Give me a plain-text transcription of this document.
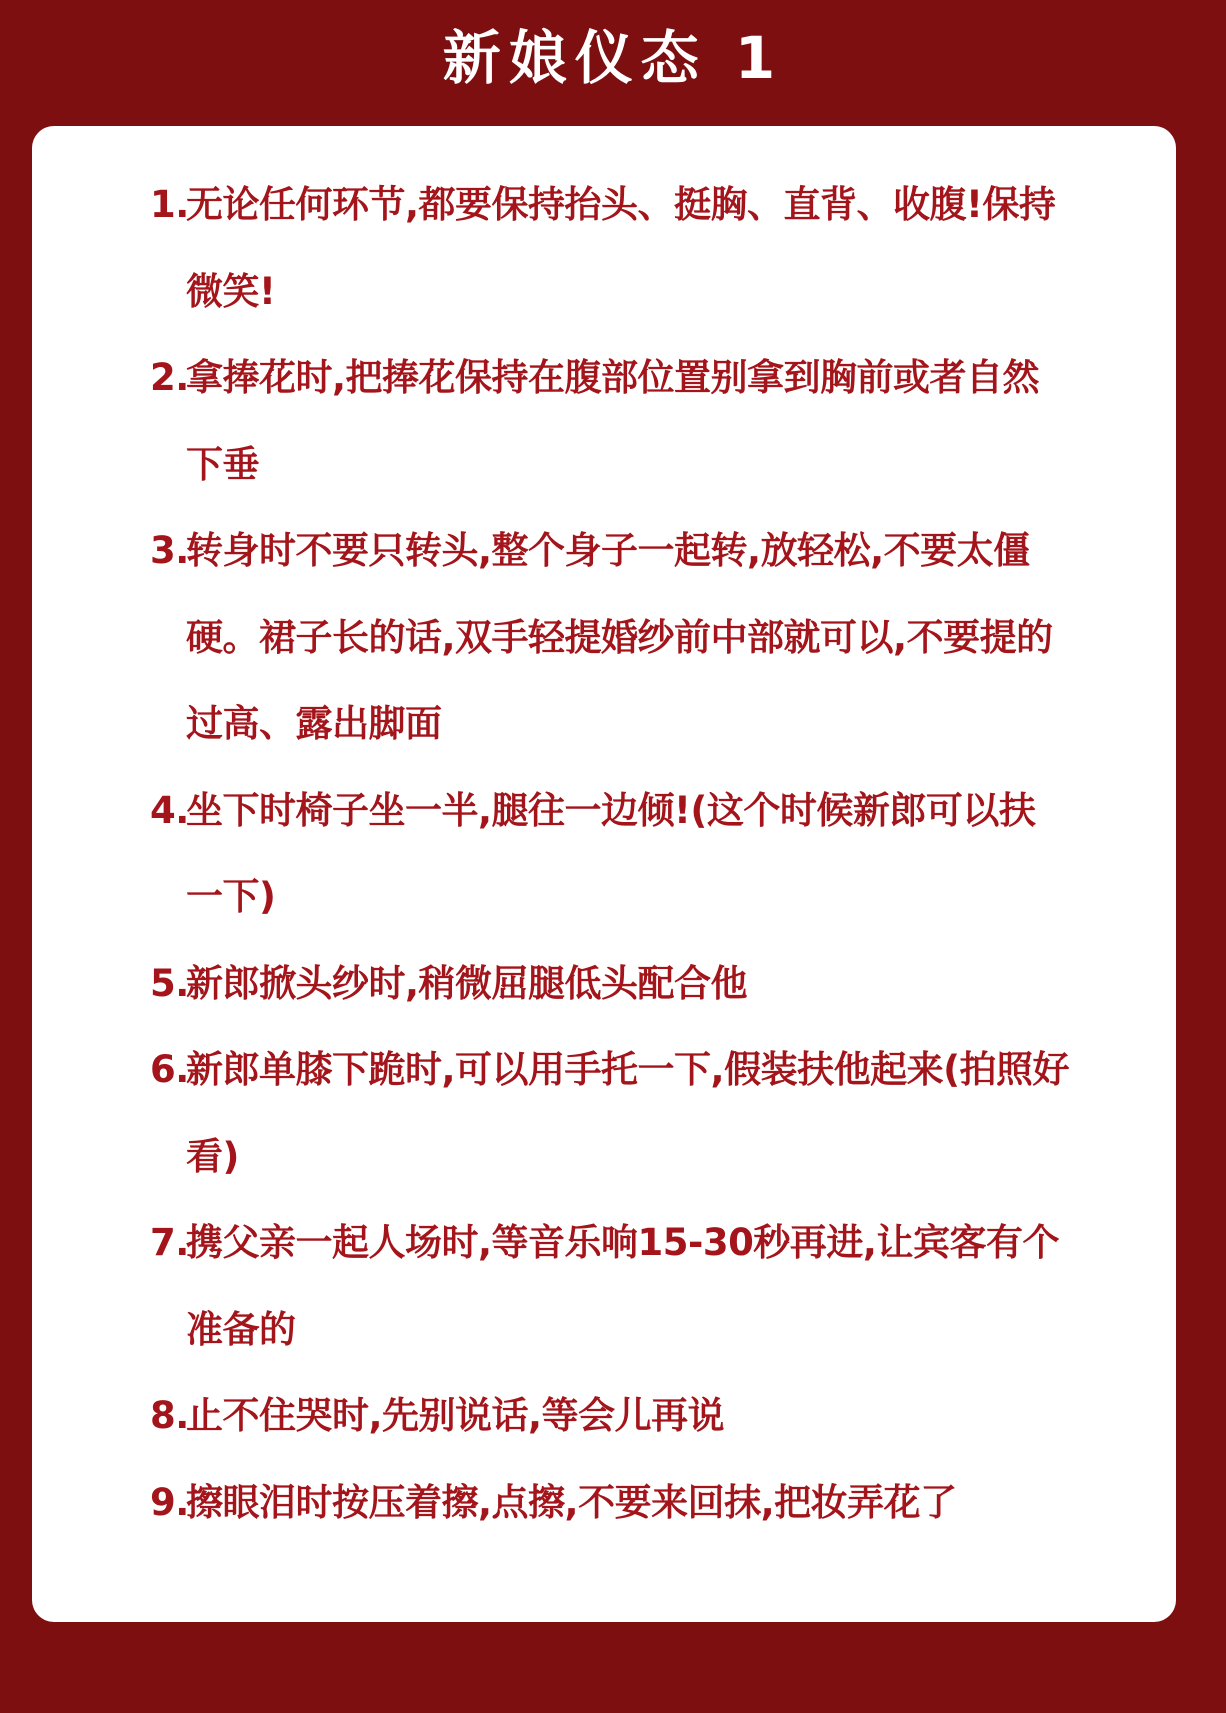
新娘仪态 1
1.
无论任何环节,都要保持抬头、挺胸、直背、收腹!保持微笑!
2.
拿捧花时,把捧花保持在腹部位置别拿到胸前或者自然下垂
3.
转身时不要只转头,整个身子一起转,放轻松,不要太僵硬。裙子长的话,双手轻提婚纱前中部就可以,不要提的过高、露出脚面
4.
坐下时椅子坐一半,腿往一边倾!(这个时候新郎可以扶一下)
5.
新郎掀头纱时,稍微屈腿低头配合他
6.
新郎单膝下跪时,可以用手托一下,假装扶他起来(拍照好看)
7.
携父亲一起人场时,等音乐响15-30秒再进,让宾客有个准备的
8.
止不住哭时,先别说话,等会儿再说
9.
擦眼泪时按压着擦,点擦,不要来回抹,把妆弄花了
